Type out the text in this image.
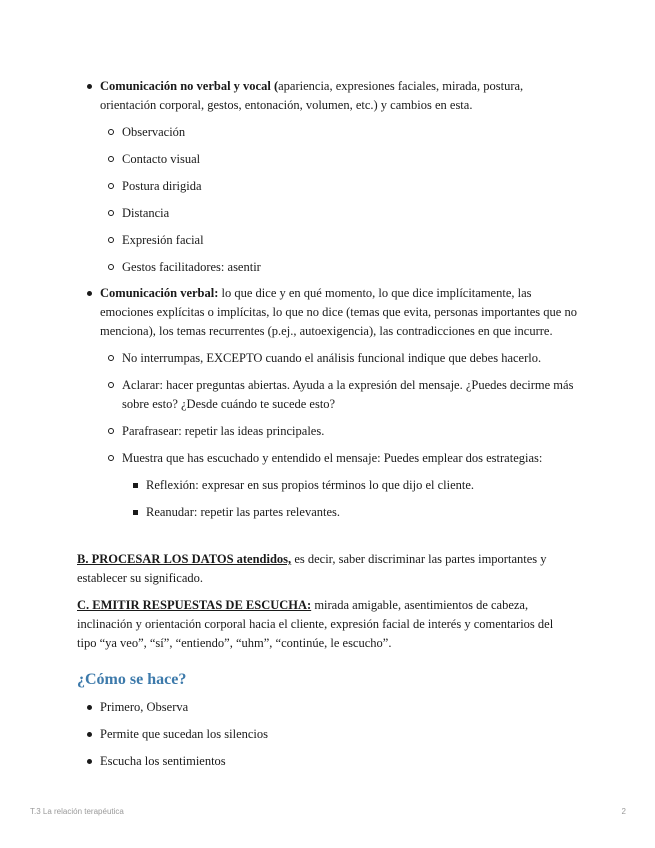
Comunicación no verbal y vocal (apariencia, expresiones faciales, mirada, postura, orientación corporal, gestos, entonación, volumen, etc.) y cambios en esta.
Observación
Contacto visual
Postura dirigida
Distancia
Expresión facial
Gestos facilitadores: asentir
Comunicación verbal: lo que dice y en qué momento, lo que dice implícitamente, las emociones explícitas o implícitas, lo que no dice (temas que evita, personas importantes que no menciona), los temas recurrentes (p.ej., autoexigencia), las contradicciones en que incurre.
No interrumpas, EXCEPTO cuando el análisis funcional indique que debes hacerlo.
Aclarar: hacer preguntas abiertas. Ayuda a la expresión del mensaje. ¿Puedes decirme más sobre esto? ¿Desde cuándo te sucede esto?
Parafrasear: repetir las ideas principales.
Muestra que has escuchado y entendido el mensaje: Puedes emplear dos estrategias:
Reflexión: expresar en sus propios términos lo que dijo el cliente.
Reanudar: repetir las partes relevantes.

B. PROCESAR LOS DATOS atendidos, es decir, saber discriminar las partes importantes y establecer su significado.

C. EMITIR RESPUESTAS DE ESCUCHA: mirada amigable, asentimientos de cabeza, inclinación y orientación corporal hacia el cliente, expresión facial de interés y comentarios del tipo “ya veo”, “sí”, “entiendo”, “uhm”, “continúe, le escucho”.

¿Cómo se hace?
Primero, Observa
Permite que sucedan los silencios
Escucha los sentimientos
T.3 La relación terapéutica	2
